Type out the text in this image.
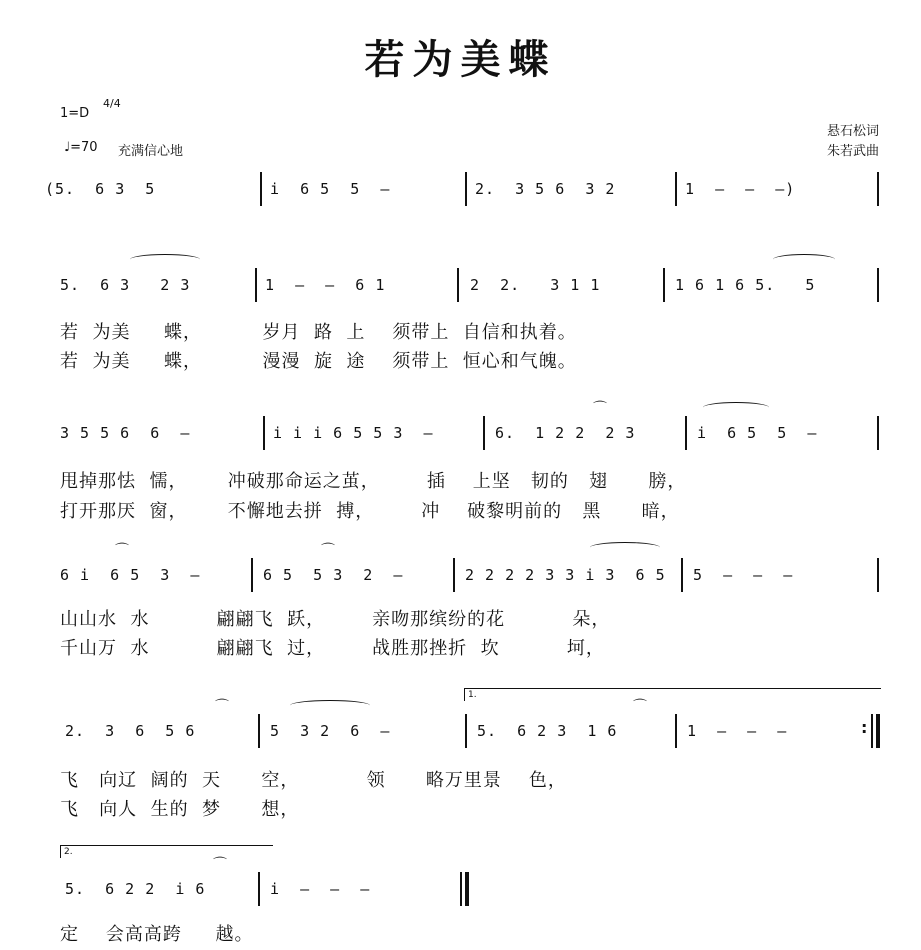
若为美蝶
1=D
4/4
♩=70 充满信心地
悬石松词
朱若武曲
(5.  6 3  5	i  6 5  5  –	2.  3 5 6  3 2	1  –  –  –)
5.  6 3   2 3	1  –  –  6 1	2  2.   3 1 1	1 6 1 6 5.   5
若  为美     蝶，         岁月  路  上    须带上  自信和执着。
若  为美     蝶，         漫漫  旋  途    须带上  恒心和气魄。
⌒
3 5 5 6  6  –	i i i 6 5 5 3  –	6.  1 2 2  2 3	i  6 5  5  –
甩掉那怯  懦，      冲破那命运之茧，       插    上坚   韧的   翅      膀，
打开那厌  窗，      不懈地去拼  搏，       冲    破黎明前的   黑      暗，
⌒	⌒
6 i  6 5  3  –	6 5  5 3  2  –	2 2 2 2 3 3 i 3  6 5 5  –  –  –
山山水  水          翩翩飞  跃，       亲吻那缤纷的花          朵，
千山万  水          翩翩飞  过，       战胜那挫折  坎          坷，
1.
⌒	⌒
2.  3  6  5 6	5  3 2  6  –	5.  6 2 3  1 6	1  –  –  –	:
飞   向辽  阔的  天      空，          领      略万里景    色，
飞   向人  生的  梦      想，
2.
⌒
5.  6 2 2  i 6	i  –  –  –
定    会高高跨     越。
